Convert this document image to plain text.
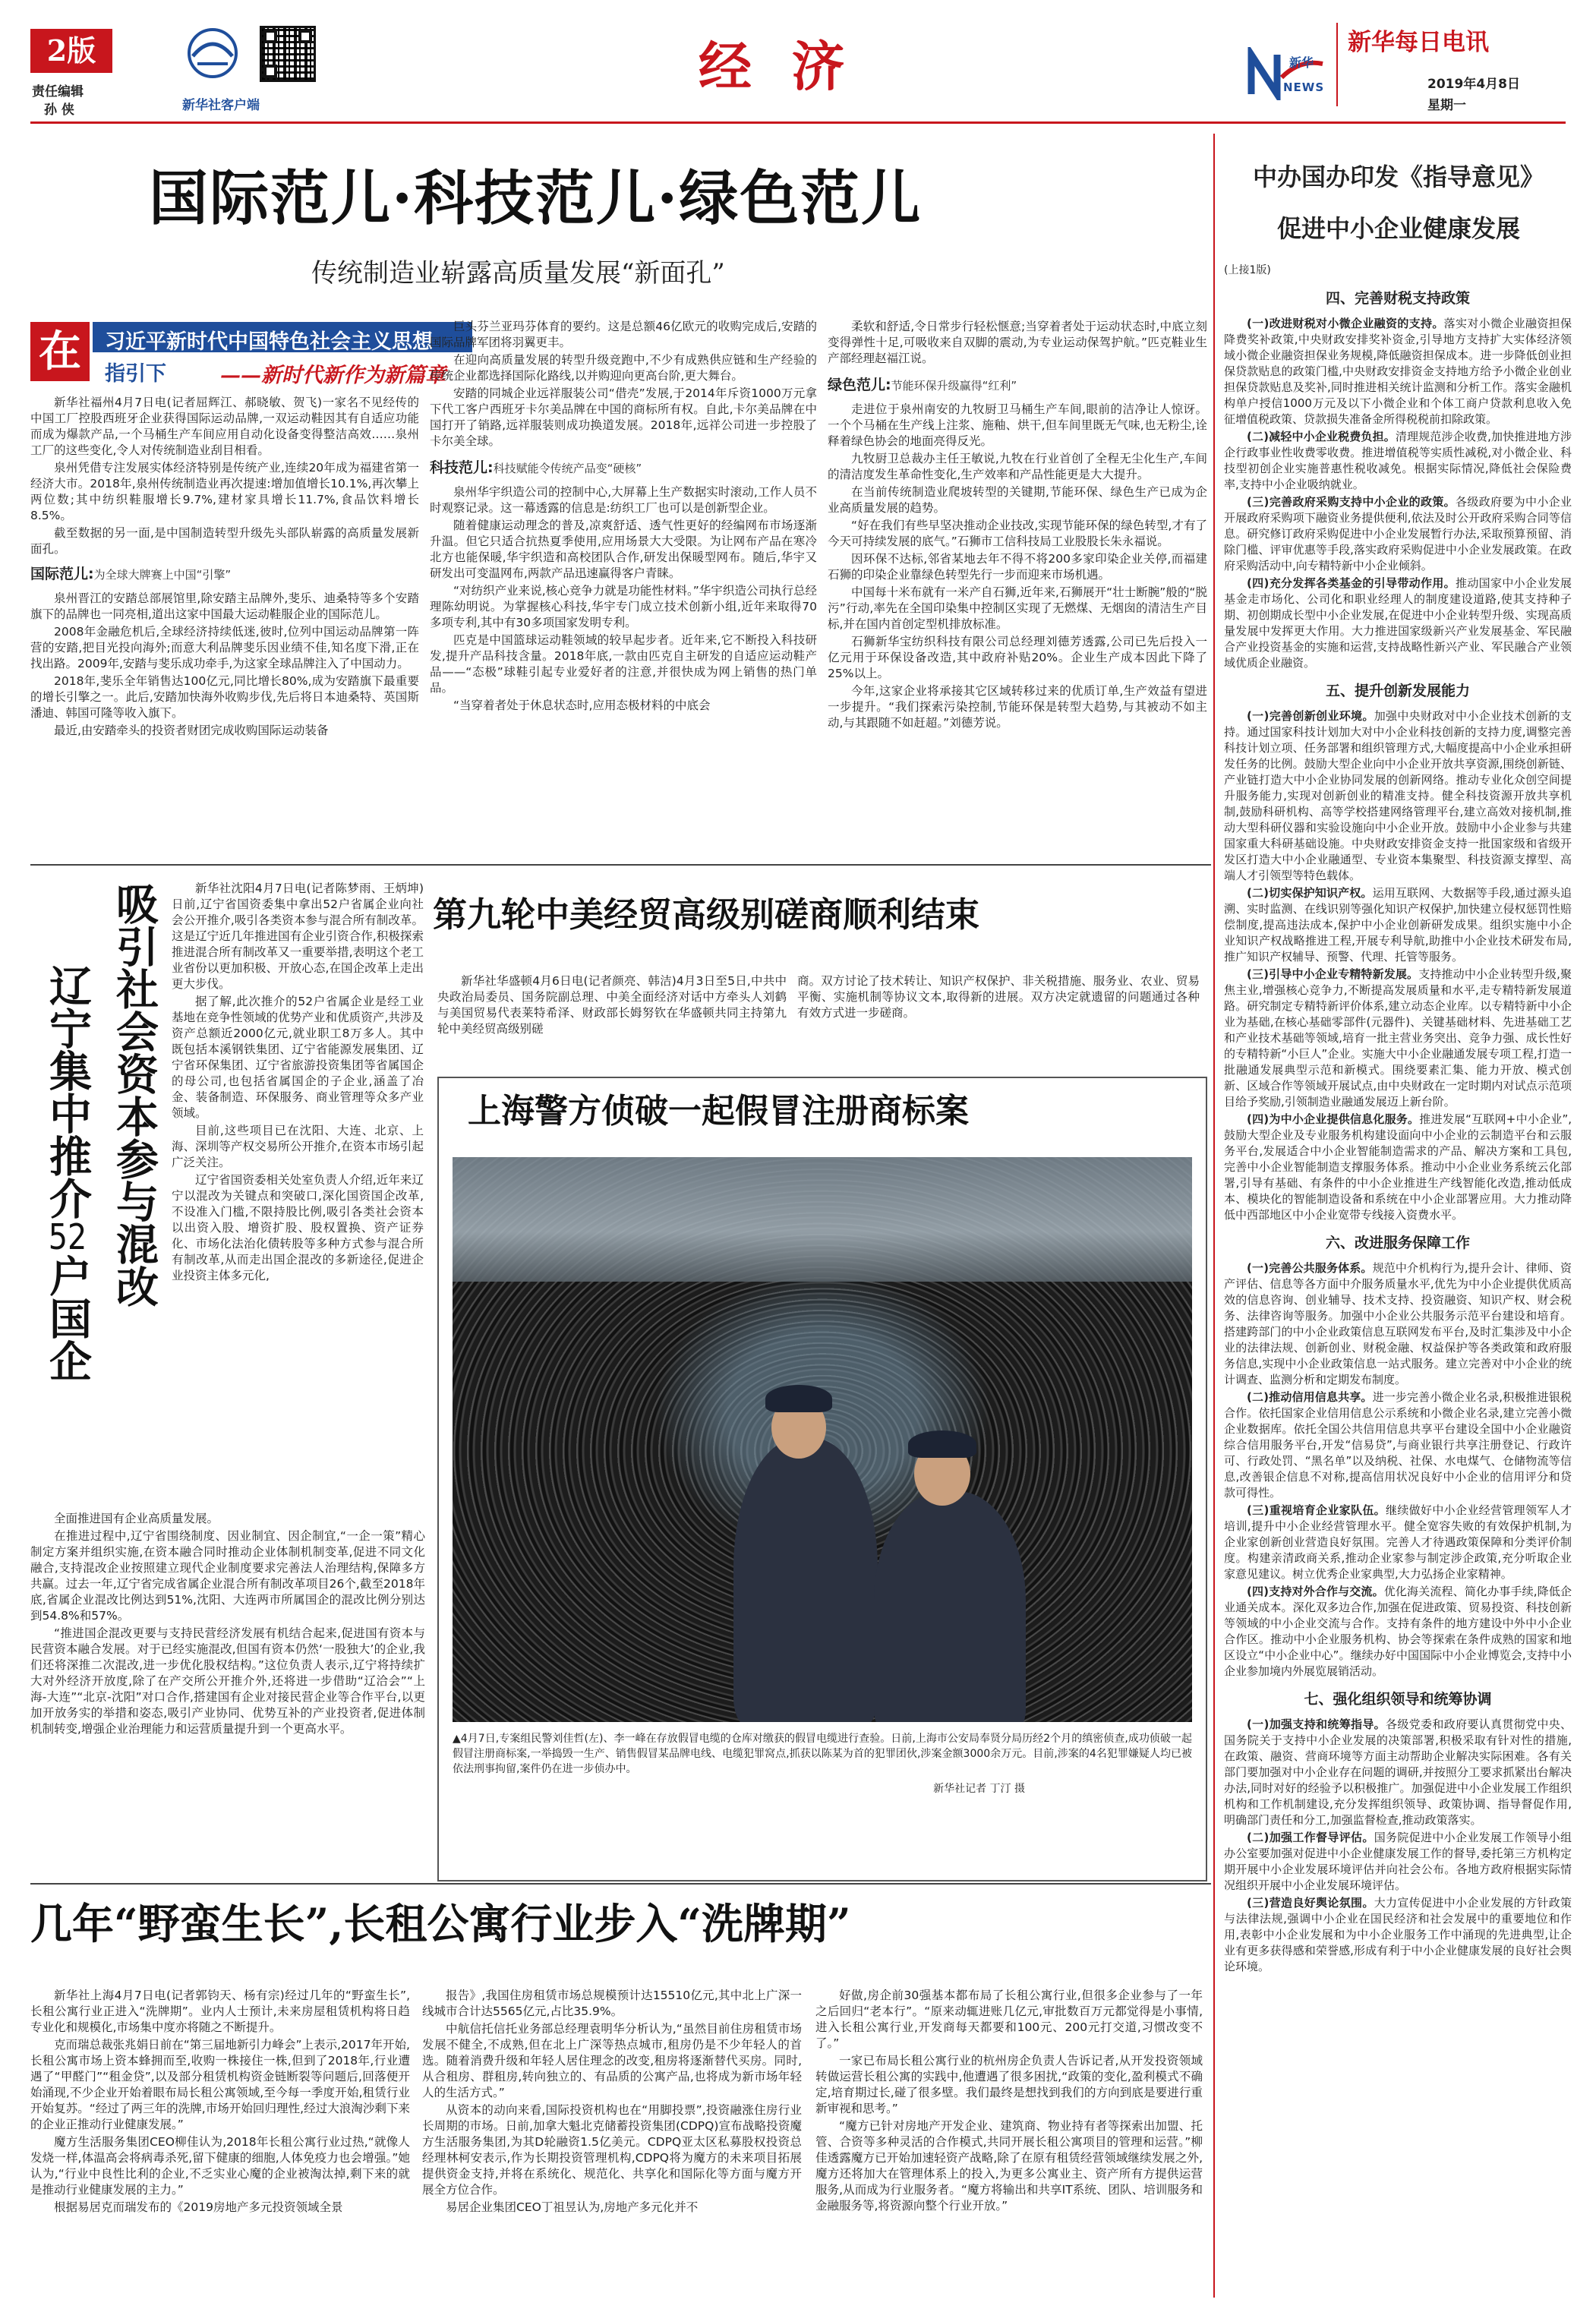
2版
责任编辑
孙 侠	新华社客户端
经 济	新华
NEWS
新华每日电讯
2019年4月8日
星期一
国际范儿·科技范儿·绿色范儿
传统制造业崭露高质量发展“新面孔”
在	习近平新时代中国特色社会主义思想
指引下	——新时代新作为新篇章

新华社福州4月7日电(记者屈辉江、郝晓敏、贺飞)一家名不见经传的中国工厂控股西班牙企业获得国际运动品牌,一双运动鞋因其有自适应功能而成为爆款产品,一个马桶生产车间应用自动化设备变得整洁高效……泉州工厂的这些变化,令人对传统制造业刮目相看。

泉州凭借专注发展实体经济特别是传统产业,连续20年成为福建省第一经济大市。2018年,泉州传统制造业再次提速:增加值增长10.1%,再次攀上两位数;其中纺织鞋服增长9.7%,建材家具增长11.7%,食品饮料增长8.5%。

截至数据的另一面,是中国制造转型升级先头部队崭露的高质量发展新面孔。

国际范儿:为全球大牌赛上中国“引擎”

泉州晋江的安踏总部展馆里,除安踏主品牌外,斐乐、迪桑特等多个安踏旗下的品牌也一同亮相,道出这家中国最大运动鞋服企业的国际范儿。

2008年金融危机后,全球经济持续低迷,彼时,位列中国运动品牌第一阵营的安踏,把目光投向海外;而意大利品牌斐乐因业绩不佳,知名度下滑,正在找出路。2009年,安踏与斐乐成功牵手,为这家全球品牌注入了中国动力。

2018年,斐乐全年销售达100亿元,同比增长80%,成为安踏旗下最重要的增长引擎之一。此后,安踏加快海外收购步伐,先后将日本迪桑特、英国斯潘迪、韩国可隆等收入旗下。

最近,由安踏牵头的投资者财团完成收购国际运动装备

巨头芬兰亚玛芬体育的要约。这是总额46亿欧元的收购完成后,安踏的国际品牌军团将羽翼更丰。

在迎向高质量发展的转型升级竞跑中,不少有成熟供应链和生产经验的传统企业都选择国际化路线,以并购迎向更高台阶,更大舞台。

安踏的同城企业远祥服装公司“借壳”发展,于2014年斥资1000万元拿下代工客户西班牙卡尔美品牌在中国的商标所有权。自此,卡尔美品牌在中国打开了销路,远祥服装则成功换道发展。2018年,远祥公司进一步控股了卡尔美全球。

科技范儿:科技赋能令传统产品变“硬核”

泉州华宇织造公司的控制中心,大屏幕上生产数据实时滚动,工作人员不时观察记录。这一幕透露的信息是:纺织工厂也可以是创新型企业。

随着健康运动理念的普及,凉爽舒适、透气性更好的经编网布市场逐渐升温。但它只适合抗热夏季使用,应用场景大大受限。为让网布产品在寒冷北方也能保暖,华宇织造和高校团队合作,研发出保暖型网布。随后,华宇又研发出可变温网布,两款产品迅速赢得客户青睐。

“对纺织产业来说,核心竞争力就是功能性材料。”华宇织造公司执行总经理陈幼明说。为掌握核心科技,华宇专门成立技术创新小组,近年来取得70多项专利,其中有30多项国家发明专利。

匹克是中国篮球运动鞋领域的较早起步者。近年来,它不断投入科技研发,提升产品科技含量。2018年底,一款由匹克自主研发的自适应运动鞋产品——“态极”球鞋引起专业爱好者的注意,并很快成为网上销售的热门单品。

“当穿着者处于休息状态时,应用态极材料的中底会

柔软和舒适,令日常步行轻松惬意;当穿着者处于运动状态时,中底立刻变得弹性十足,可吸收来自双脚的震动,为专业运动保驾护航。”匹克鞋业生产部经理赵福江说。

绿色范儿:节能环保升级赢得“红利”

走进位于泉州南安的九牧厨卫马桶生产车间,眼前的洁净让人惊讶。一个个马桶在生产线上注浆、施釉、烘干,但车间里既无气味,也无粉尘,诠释着绿色协会的地面亮得反光。

九牧厨卫总裁办主任王敏说,九牧在行业首创了全程无尘化生产,车间的清洁度发生革命性变化,生产效率和产品性能更是大大提升。

在当前传统制造业爬坡转型的关键期,节能环保、绿色生产已成为企业高质量发展的趋势。

“好在我们有些早坚决推动企业技改,实现节能环保的绿色转型,才有了今天可持续发展的底气。”石狮市工信科技局工业股股长朱永福说。

因环保不达标,邻省某地去年不得不将200多家印染企业关停,而福建石狮的印染企业靠绿色转型先行一步而迎来市场机遇。

中国每十米布就有一米产自石狮,近年来,石狮展开“壮士断腕”般的“脱污”行动,率先在全国印染集中控制区实现了无燃煤、无烟囱的清洁生产目标,并在国内首创定型机排放标准。

石狮新华宝纺织科技有限公司总经理刘德芳透露,公司已先后投入一亿元用于环保设备改造,其中政府补贴20%。企业生产成本因此下降了25%以上。

今年,这家企业将承接其它区域转移过来的优质订单,生产效益有望进一步提升。“我们探索污染控制,节能环保是转型大趋势,与其被动不如主动,与其跟随不如赶超。”刘德芳说。

吸引社会资本参与混改
辽宁集中推介52户国企

新华社沈阳4月7日电(记者陈梦雨、王炳坤)日前,辽宁省国资委集中拿出52户省属企业向社会公开推介,吸引各类资本参与混合所有制改革。这是辽宁近几年推进国有企业引资合作,积极探索推进混合所有制改革又一重要举措,表明这个老工业省份以更加积极、开放心态,在国企改革上走出更大步伐。

据了解,此次推介的52户省属企业是经工业基地在竞争性领域的优势产业和优质资产,共涉及资产总额近2000亿元,就业职工8万多人。其中既包括本溪钢铁集团、辽宁省能源发展集团、辽宁省环保集团、辽宁省旅游投资集团等省属国企的母公司,也包括省属国企的子企业,涵盖了冶金、装备制造、环保服务、商业管理等众多产业领域。

目前,这些项目已在沈阳、大连、北京、上海、深圳等产权交易所公开推介,在资本市场引起广泛关注。

辽宁省国资委相关处室负责人介绍,近年来辽宁以混改为关键点和突破口,深化国资国企改革,不设准入门槛,不限持股比例,吸引各类社会资本以出资入股、增资扩股、股权置换、资产证券化、市场化法治化债转股等多种方式参与混合所有制改革,从而走出国企混改的多新途径,促进企业投资主体多元化,

全面推进国有企业高质量发展。

在推进过程中,辽宁省围绕制度、因业制宜、因企制宜,“一企一策”精心制定方案并组织实施,在资本融合同时推动企业体制机制变革,促进不同文化融合,支持混改企业按照建立现代企业制度要求完善法人治理结构,保障多方共赢。过去一年,辽宁省完成省属企业混合所有制改革项目26个,截至2018年底,省属企业混改比例达到51%,沈阳、大连两市所属国企的混改比例分别达到54.8%和57%。

“推进国企混改更要与支持民营经济发展有机结合起来,促进国有资本与民营资本融合发展。对于已经实施混改,但国有资本仍然‘一股独大’的企业,我们还将深推二次混改,进一步优化股权结构。”这位负责人表示,辽宁将持续扩大对外经济开放度,除了在产交所公开推介外,还将进一步借助“辽洽会”“上海-大连”“北京-沈阳”对口合作,搭建国有企业对接民营企业等合作平台,以更加开放务实的举措和姿态,吸引产业协同、优势互补的产业投资者,促进体制机制转变,增强企业治理能力和运营质量提升到一个更高水平。

第九轮中美经贸高级别磋商顺利结束

新华社华盛顿4月6日电(记者颜亮、韩洁)4月3日至5日,中共中央政治局委员、国务院副总理、中美全面经济对话中方牵头人刘鹤与美国贸易代表莱特希泽、财政部长姆努钦在华盛顿共同主持第九轮中美经贸高级别磋

商。双方讨论了技术转让、知识产权保护、非关税措施、服务业、农业、贸易平衡、实施机制等协议文本,取得新的进展。双方决定就遗留的问题通过各种有效方式进一步磋商。

上海警方侦破一起假冒注册商标案
▲4月7日,专案组民警刘佳哲(左)、李一峰在存放假冒电缆的仓库对缴获的假冒电缆进行查验。日前,上海市公安局奉贤分局历经2个月的缜密侦查,成功侦破一起假冒注册商标案,一举捣毁一生产、销售假冒某品牌电线、电缆犯罪窝点,抓获以陈某为首的犯罪团伙,涉案金额3000余万元。目前,涉案的4名犯罪嫌疑人均已被依法刑事拘留,案件仍在进一步侦办中。
新华社记者 丁汀 摄
几年“野蛮生长”,长租公寓行业步入“洗牌期”

新华社上海4月7日电(记者郭钧天、杨有宗)经过几年的“野蛮生长”,长租公寓行业正进入“洗牌期”。业内人士预计,未来房屋租赁机构将日趋专业化和规模化,市场集中度亦将随之不断提升。

克而瑞总裁张兆娟日前在“第三届地新引力峰会”上表示,2017年开始,长租公寓市场上资本蜂拥而至,收购一株接住一株,但到了2018年,行业遭遇了“甲醛门”“租金贷”,以及部分租赁机构资金链断裂等问题后,回落便开始涌现,不少企业开始着眼布局长租公寓领域,至今每一季度开始,租赁行业开始复苏。“经过了两三年的洗牌,市场开始回归理性,经过大浪淘沙剩下来的企业正推动行业健康发展。”

魔方生活服务集团CEO柳佳认为,2018年长租公寓行业过热,“就像人发烧一样,体温高会将病毒杀死,留下健康的细胞,人体免疫力也会增强。”她认为,“行业中良性比利的企业,不乏实业心魔的企业被淘汰掉,剩下来的就是推动行业健康发展的主力。”

根据易居克而瑞发布的《2019房地产多元投资领域全景

报告》,我国住房租赁市场总规模预计达15510亿元,其中北上广深一线城市合计达5565亿元,占比35.9%。

中航信托信托业务部总经理袁明华分析认为,“虽然目前住房租赁市场发展不健全,不成熟,但在北上广深等热点城市,租房仍是不少年轻人的首选。随着消费升级和年轻人居住理念的改变,租房将逐渐替代买房。同时,从合租房、群租房,转向独立的、有品质的公寓产品,也将成为新市场年轻人的生活方式。”

从资本的动向来看,国际投资机构也在“用脚投票”,投资融涨住房行业长周期的市场。日前,加拿大魁北克储蓄投资集团(CDPQ)宣布战略投资魔方生活服务集团,为其D轮融资1.5亿美元。CDPQ亚太区私募股权投资总经理林柯安表示,作为长期投资管理机构,CDPQ将为魔方的未来项目拓展提供资金支持,并将在系统化、规范化、共享化和国际化等方面与魔方开展全方位合作。

易居企业集团CEO丁祖昱认为,房地产多元化并不

好做,房企前30强基本都布局了长租公寓行业,但很多企业参与了一年之后回归“老本行”。“原来动辄进账几亿元,审批数百万元都觉得是小事情,进入长租公寓行业,开发商每天都要和100元、200元打交道,习惯改变不了。”

一家已布局长租公寓行业的杭州房企负责人告诉记者,从开发投资领域转做运营长租公寓的实践中,他遭遇了很多困扰,“政策的变化,盈利模式不确定,培育期过长,碰了很多壁。我们最终是想找到我们的方向到底是要进行重新审视和思考。”

“魔方已针对房地产开发企业、建筑商、物业持有者等探索出加盟、托管、合资等多种灵活的合作模式,共同开展长租公寓项目的管理和运营。”柳佳透露魔方已开始加速轻资产战略,除了在原有租赁经营领域继续发展之外,魔方还将加大在管理体系上的投入,为更多公寓业主、资产所有方提供运营服务,从而成为行业服务者。“魔方将输出和共享IT系统、团队、培训服务和金融服务等,将资源向整个行业开放。”

中办国办印发《指导意见》
促进中小企业健康发展
(上接1版)
四、完善财税支持政策

(一)改进财税对小微企业融资的支持。落实对小微企业融资担保降费奖补政策,中央财政安排奖补资金,引导地方支持扩大实体经济领域小微企业融资担保业务规模,降低融资担保成本。进一步降低创业担保贷款贴息的政策门槛,中央财政安排资金支持地方给予小微企业创业担保贷款贴息及奖补,同时推进相关统计监测和分析工作。落实金融机构单户授信1000万元及以下小微企业和个体工商户贷款利息收入免征增值税政策、贷款损失准备金所得税税前扣除政策。

(二)减轻中小企业税费负担。清理规范涉企收费,加快推进地方涉企行政事业性收费零收费。推进增值税等实质性减税,对小微企业、科技型初创企业实施普惠性税收减免。根据实际情况,降低社会保险费率,支持中小企业吸纳就业。

(三)完善政府采购支持中小企业的政策。各级政府要为中小企业开展政府采购项下融资业务提供便利,依法及时公开政府采购合同等信息。研究修订政府采购促进中小企业发展暂行办法,采取预算预留、消除门槛、评审优惠等手段,落实政府采购促进中小企业发展政策。在政府采购活动中,向专精特新中小企业倾斜。

(四)充分发挥各类基金的引导带动作用。推动国家中小企业发展基金走市场化、公司化和职业经理人的制度建设道路,使其支持种子期、初创期成长型中小企业发展,在促进中小企业转型升级、实现高质量发展中发挥更大作用。大力推进国家级新兴产业发展基金、军民融合产业投资基金的实施和运营,支持战略性新兴产业、军民融合产业领域优质企业融资。

五、提升创新发展能力

(一)完善创新创业环境。加强中央财政对中小企业技术创新的支持。通过国家科技计划加大对中小企业科技创新的支持力度,调整完善科技计划立项、任务部署和组织管理方式,大幅度提高中小企业承担研发任务的比例。鼓励大型企业向中小企业开放共享资源,围绕创新链、产业链打造大中小企业协同发展的创新网络。推动专业化众创空间提升服务能力,实现对创新创业的精准支持。健全科技资源开放共享机制,鼓励科研机构、高等学校搭建网络管理平台,建立高效对接机制,推动大型科研仪器和实验设施向中小企业开放。鼓励中小企业参与共建国家重大科研基础设施。中央财政安排资金支持一批国家级和省级开发区打造大中小企业融通型、专业资本集聚型、科技资源支撑型、高端人才引领型等特色载体。

(二)切实保护知识产权。运用互联网、大数据等手段,通过源头追溯、实时监测、在线识别等强化知识产权保护,加快建立侵权惩罚性赔偿制度,提高违法成本,保护中小企业创新研发成果。组织实施中小企业知识产权战略推进工程,开展专利导航,助推中小企业技术研发布局,推广知识产权辅导、预警、代理、托管等服务。

(三)引导中小企业专精特新发展。支持推动中小企业转型升级,聚焦主业,增强核心竞争力,不断提高发展质量和水平,走专精特新发展道路。研究制定专精特新评价体系,建立动态企业库。以专精特新中小企业为基础,在核心基础零部件(元器件)、关键基础材料、先进基础工艺和产业技术基础等领域,培育一批主营业务突出、竞争力强、成长性好的专精特新“小巨人”企业。实施大中小企业融通发展专项工程,打造一批融通发展典型示范和新模式。围绕要素汇集、能力开放、模式创新、区域合作等领域开展试点,由中央财政在一定时期内对试点示范项目给予奖励,引领制造业融通发展迈上新台阶。

(四)为中小企业提供信息化服务。推进发展“互联网+中小企业”,鼓励大型企业及专业服务机构建设面向中小企业的云制造平台和云服务平台,发展适合中小企业智能制造需求的产品、解决方案和工具包,完善中小企业智能制造支撑服务体系。推动中小企业业务系统云化部署,引导有基础、有条件的中小企业推进生产线智能化改造,推动低成本、模块化的智能制造设备和系统在中小企业部署应用。大力推动降低中西部地区中小企业宽带专线接入资费水平。

六、改进服务保障工作

(一)完善公共服务体系。规范中介机构行为,提升会计、律师、资产评估、信息等各方面中介服务质量水平,优先为中小企业提供优质高效的信息咨询、创业辅导、技术支持、投资融资、知识产权、财会税务、法律咨询等服务。加强中小企业公共服务示范平台建设和培育。搭建跨部门的中小企业政策信息互联网发布平台,及时汇集涉及中小企业的法律法规、创新创业、财税金融、权益保护等各类政策和政府服务信息,实现中小企业政策信息一站式服务。建立完善对中小企业的统计调查、监测分析和定期发布制度。

(二)推动信用信息共享。进一步完善小微企业名录,积极推进银税合作。依托国家企业信用信息公示系统和小微企业名录,建立完善小微企业数据库。依托全国公共信用信息共享平台建设全国中小企业融资综合信用服务平台,开发“信易贷”,与商业银行共享注册登记、行政许可、行政处罚、“黑名单”以及纳税、社保、水电煤气、仓储物流等信息,改善银企信息不对称,提高信用状况良好中小企业的信用评分和贷款可得性。

(三)重视培育企业家队伍。继续做好中小企业经营管理领军人才培训,提升中小企业经营管理水平。健全宽容失败的有效保护机制,为企业家创新创业营造良好氛围。完善人才待遇政策保障和分类评价制度。构建亲清政商关系,推动企业家参与制定涉企政策,充分听取企业家意见建议。树立优秀企业家典型,大力弘扬企业家精神。

(四)支持对外合作与交流。优化海关流程、简化办事手续,降低企业通关成本。深化双多边合作,加强在促进政策、贸易投资、科技创新等领域的中小企业交流与合作。支持有条件的地方建设中外中小企业合作区。推动中小企业服务机构、协会等探索在条件成熟的国家和地区设立“中小企业中心”。继续办好中国国际中小企业博览会,支持中小企业参加境内外展览展销活动。

七、强化组织领导和统筹协调

(一)加强支持和统筹指导。各级党委和政府要认真贯彻党中央、国务院关于支持中小企业发展的决策部署,积极采取有针对性的措施,在政策、融资、营商环境等方面主动帮助企业解决实际困难。各有关部门要加强对中小企业存在问题的调研,并按照分工要求抓紧出台解决办法,同时对好的经验予以积极推广。加强促进中小企业发展工作组织机构和工作机制建设,充分发挥组织领导、政策协调、指导督促作用,明确部门责任和分工,加强监督检查,推动政策落实。

(二)加强工作督导评估。国务院促进中小企业发展工作领导小组办公室要加强对促进中小企业健康发展工作的督导,委托第三方机构定期开展中小企业发展环境评估并向社会公布。各地方政府根据实际情况组织开展中小企业发展环境评估。

(三)营造良好舆论氛围。大力宣传促进中小企业发展的方针政策与法律法规,强调中小企业在国民经济和社会发展中的重要地位和作用,表彰中小企业发展和为中小企业服务工作中涌现的先进典型,让企业有更多获得感和荣誉感,形成有利于中小企业健康发展的良好社会舆论环境。
